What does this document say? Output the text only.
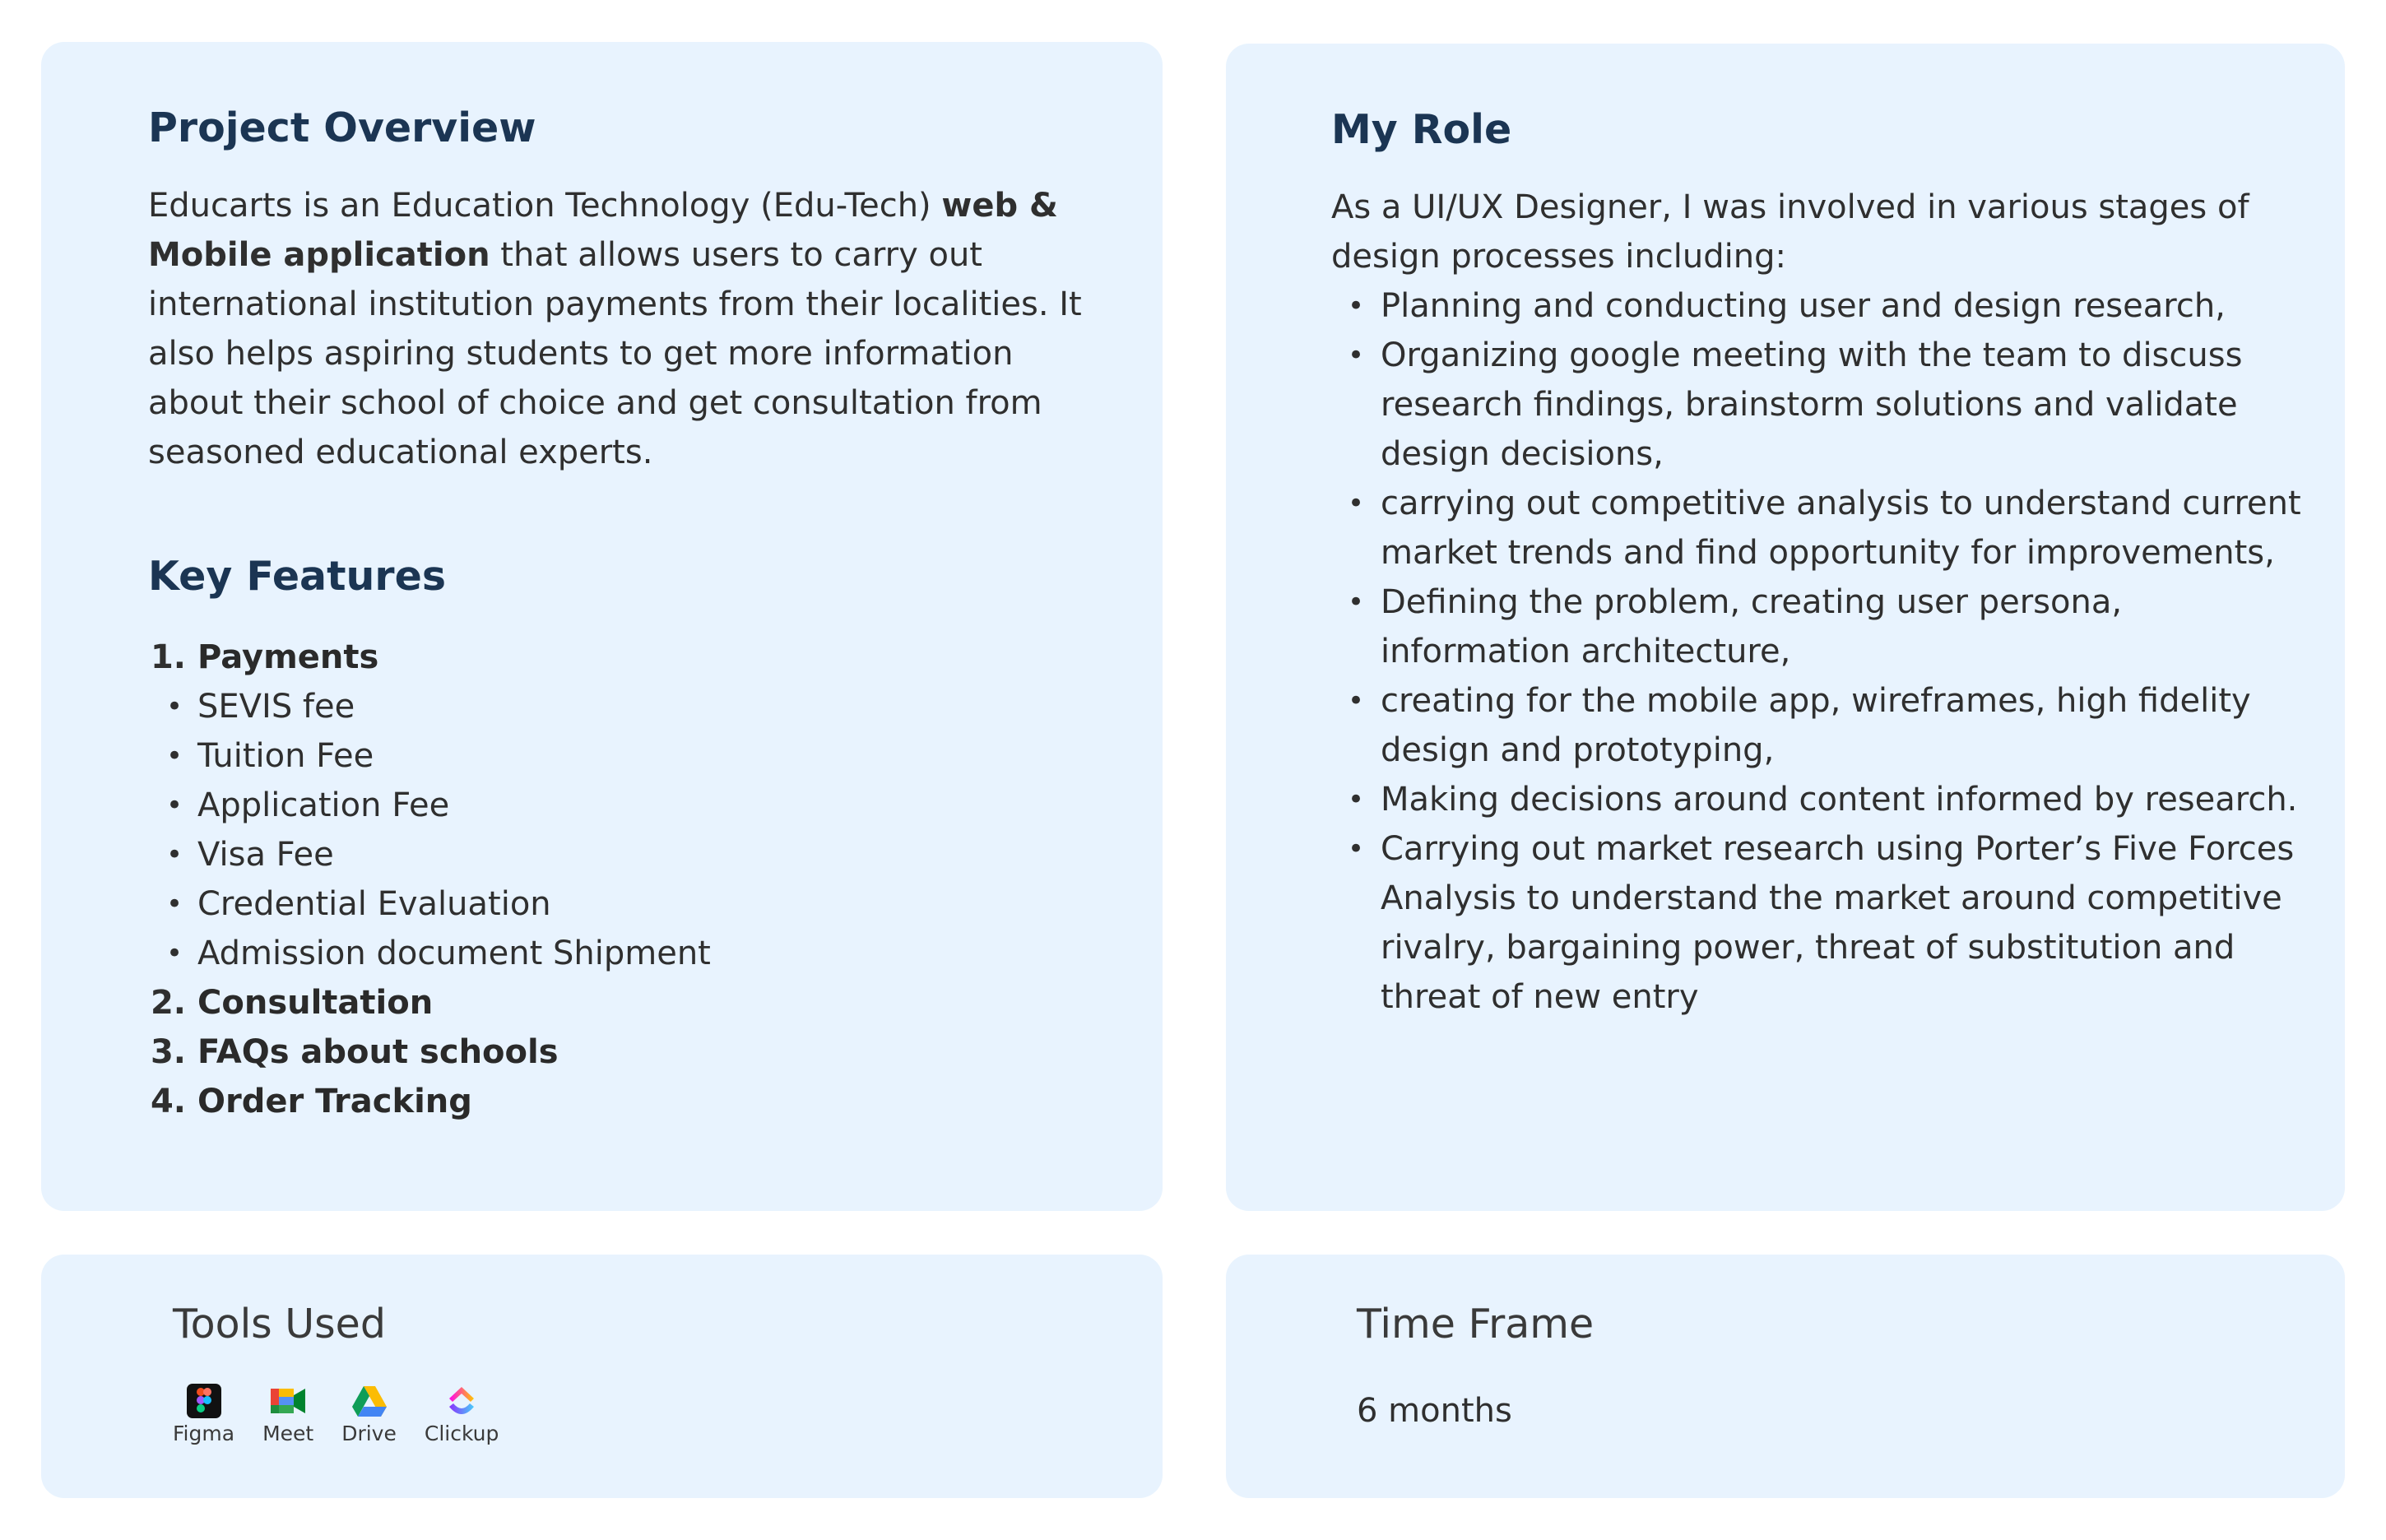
Project Overview

Educarts is an Education Technology (Edu-Tech) web & Mobile application that allows users to carry out international institution payments from their localities. It also helps aspiring students to get more information about their school of choice and get consultation from seasoned educational experts.

Key Features
1. Payments
• SEVIS fee
• Tuition Fee
• Application Fee
• Visa Fee
• Credential Evaluation
• Admission document Shipment
2. Consultation
3. FAQs about schools
4. Order Tracking
My Role

As a UI/UX Designer, I was involved in various stages of design processes including:

• Planning and conducting user and design research,
• Organizing google meeting with the team to discuss research findings, brainstorm solutions and validate design decisions,
• carrying out competitive analysis to understand current market trends and find opportunity for improvements,
• Defining the problem, creating user persona, information architecture,
• creating for the mobile app, wireframes, high fidelity design and prototyping,
• Making decisions around content informed by research.
• Carrying out market research using Porter’s Five Forces Analysis to understand the market around competitive rivalry, bargaining power, threat of substitution and threat of new entry
Tools Used
Figma Meet Drive Clickup
Time Frame
6 months
